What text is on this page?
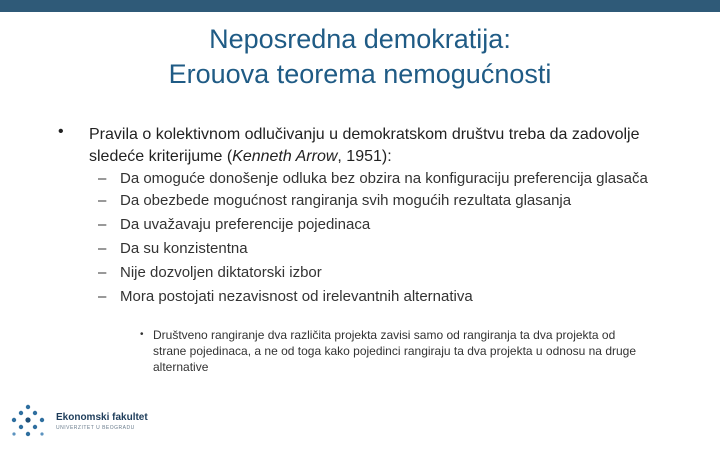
Neposredna demokratija:
Erouova teorema nemogućnosti
• Pravila o kolektivnom odlučivanju u demokratskom društvu treba da zadovolje sledeće kriterijume (Kenneth Arrow, 1951):
– Da omoguće donošenje odluka bez obzira na konfiguraciju preferencija glasača
– Da obezbede mogućnost rangiranja svih mogućih rezultata glasanja
– Da uvažavaju preferencije pojedinaca
– Da su konzistentna
– Nije dozvoljen diktatorski izbor
– Mora postojati nezavisnost od irelevantnih alternativa
• Društveno rangiranje dva različita projekta zavisi samo od rangiranja ta dva projekta od strane pojedinaca, a ne od toga kako pojedinci rangiraju ta dva projekta u odnosu na druge alternative
Ekonomski fakultet
UNIVERZITET U BEOGRADU
